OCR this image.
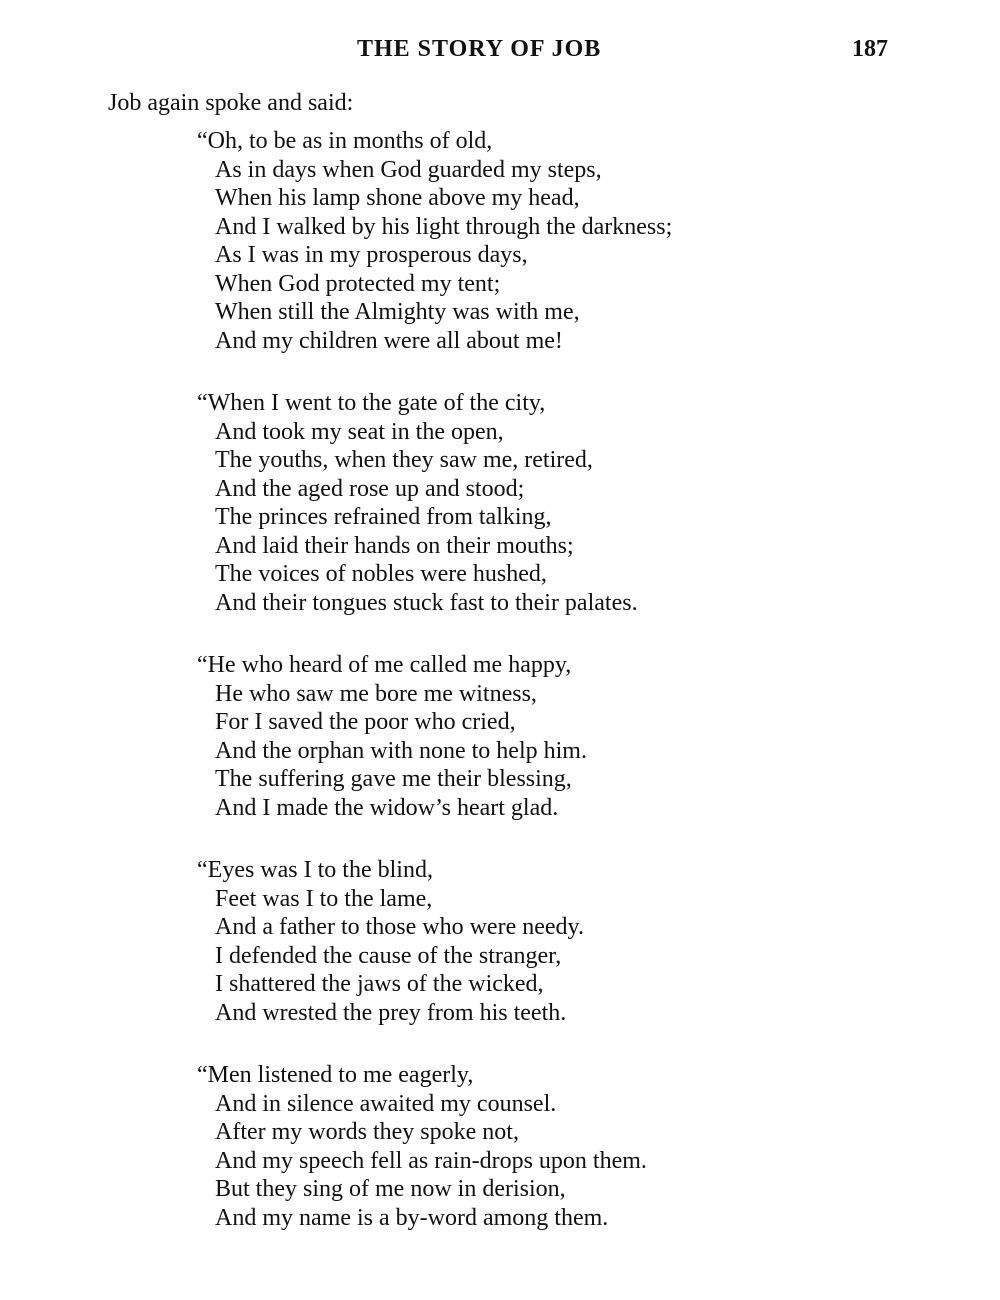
THE STORY OF JOB	187
Job again spoke and said:
“Oh, to be as in months of old,
As in days when God guarded my steps,
When his lamp shone above my head,
And I walked by his light through the darkness;
As I was in my prosperous days,
When God protected my tent;
When still the Almighty was with me,
And my children were all about me!
“When I went to the gate of the city,
And took my seat in the open,
The youths, when they saw me, retired,
And the aged rose up and stood;
The princes refrained from talking,
And laid their hands on their mouths;
The voices of nobles were hushed,
And their tongues stuck fast to their palates.
“He who heard of me called me happy,
He who saw me bore me witness,
For I saved the poor who cried,
And the orphan with none to help him.
The suffering gave me their blessing,
And I made the widow’s heart glad.
“Eyes was I to the blind,
Feet was I to the lame,
And a father to those who were needy.
I defended the cause of the stranger,
I shattered the jaws of the wicked,
And wrested the prey from his teeth.
“Men listened to me eagerly,
And in silence awaited my counsel.
After my words they spoke not,
And my speech fell as rain-drops upon them.
But they sing of me now in derision,
And my name is a by-word among them.
